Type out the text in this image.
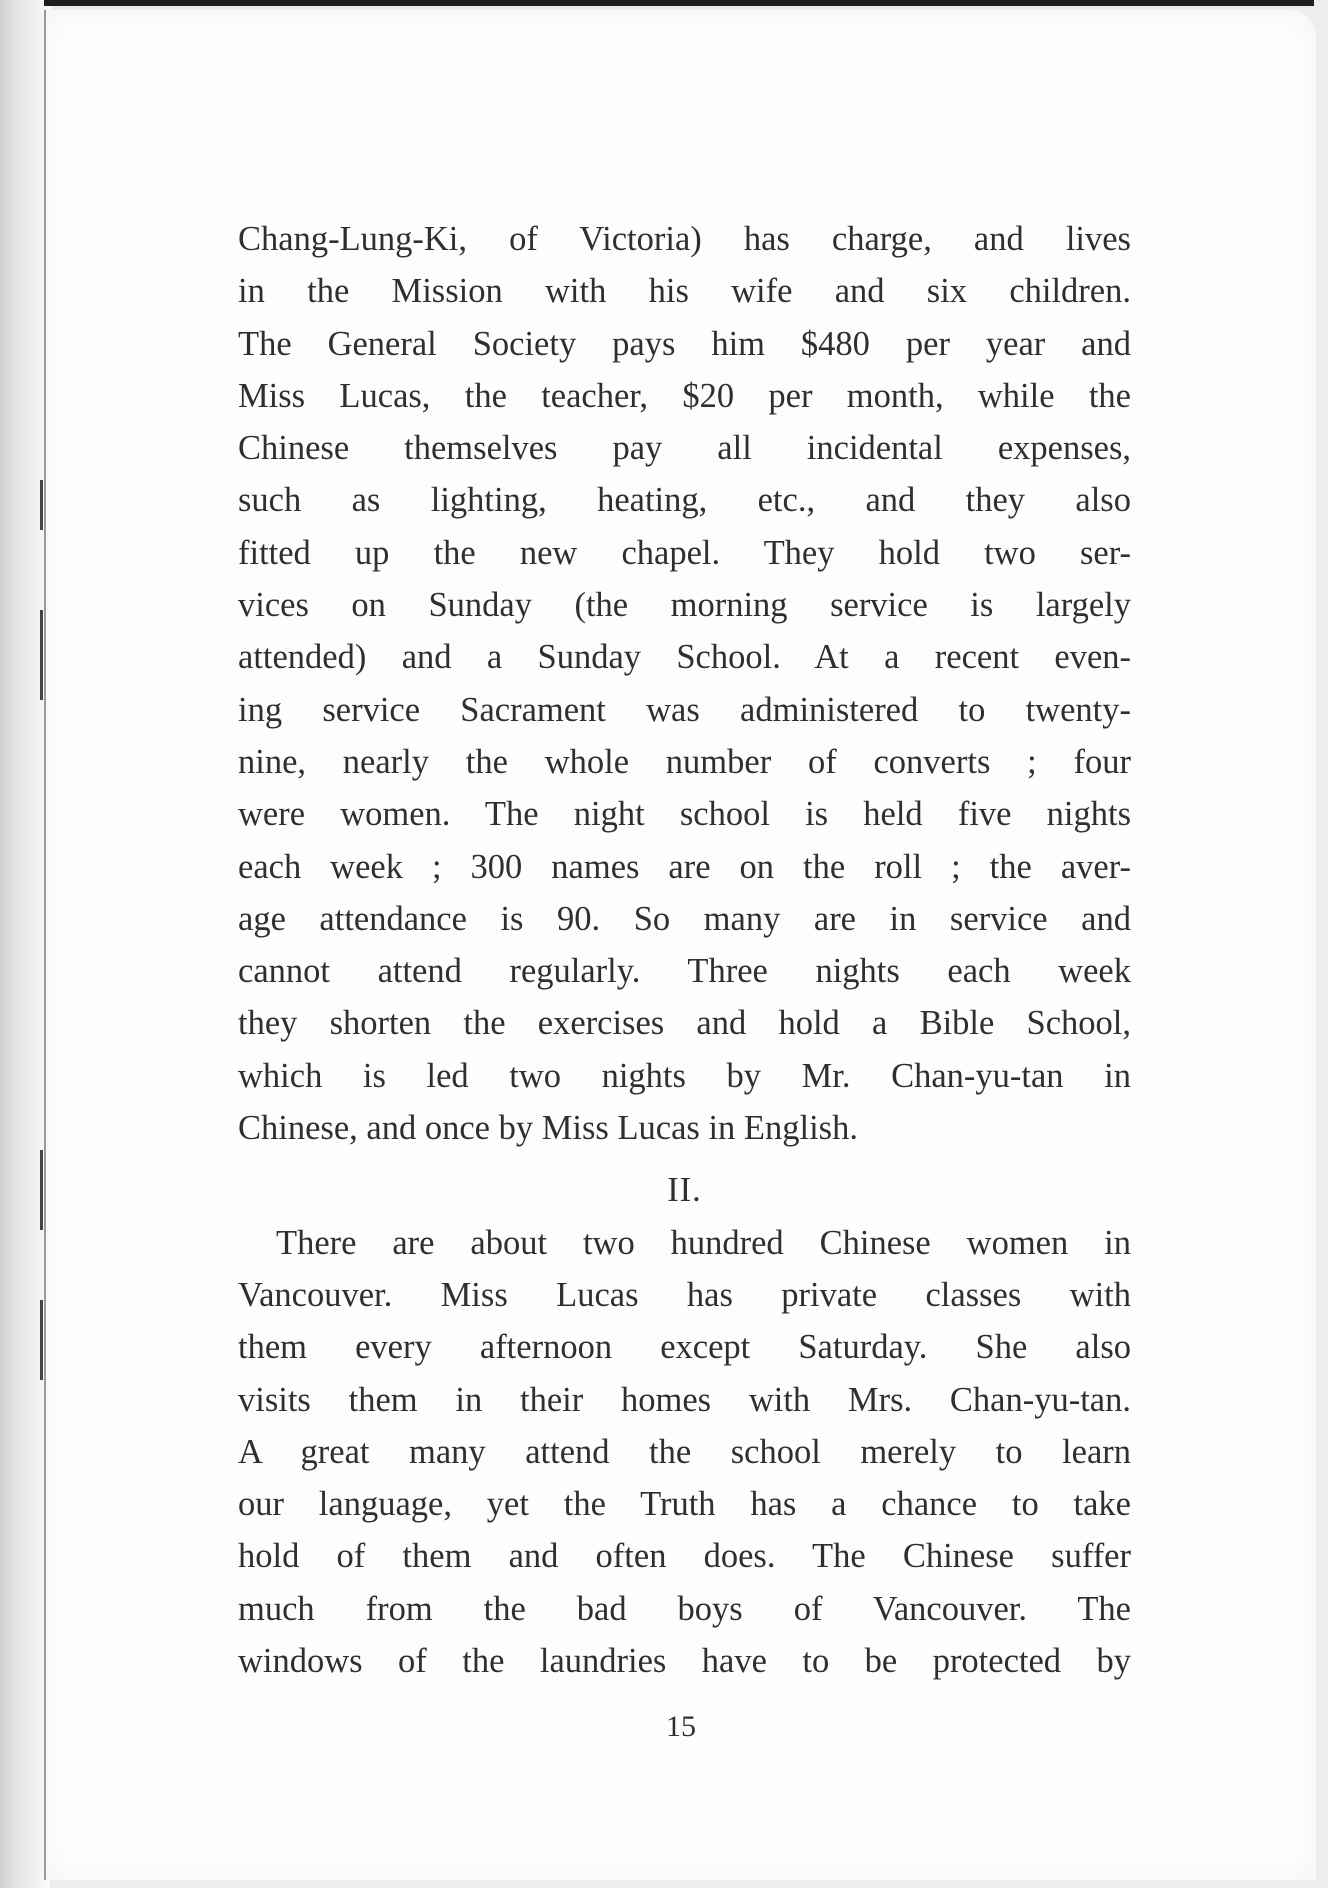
Chang-Lung-Ki, of Victoria) has charge, and lives
in the Mission with his wife and six children.
The General Society pays him $480 per year and
Miss Lucas, the teacher, $20 per month, while the
Chinese themselves pay all incidental expenses,
such as lighting, heating, etc., and they also
fitted up the new chapel. They hold two ser-
vices on Sunday (the morning service is largely
attended) and a Sunday School. At a recent even-
ing service Sacrament was administered to twenty-
nine, nearly the whole number of converts ; four
were women. The night school is held five nights
each week ; 300 names are on the roll ; the aver-
age attendance is 90. So many are in service and
cannot attend regularly. Three nights each week
they shorten the exercises and hold a Bible School,
which is led two nights by Mr. Chan-yu-tan in
Chinese, and once by Miss Lucas in English.
II.
There are about two hundred Chinese women in
Vancouver. Miss Lucas has private classes with
them every afternoon except Saturday. She also
visits them in their homes with Mrs. Chan-yu-tan.
A great many attend the school merely to learn
our language, yet the Truth has a chance to take
hold of them and often does. The Chinese suffer
much from the bad boys of Vancouver. The
windows of the laundries have to be protected by
15
